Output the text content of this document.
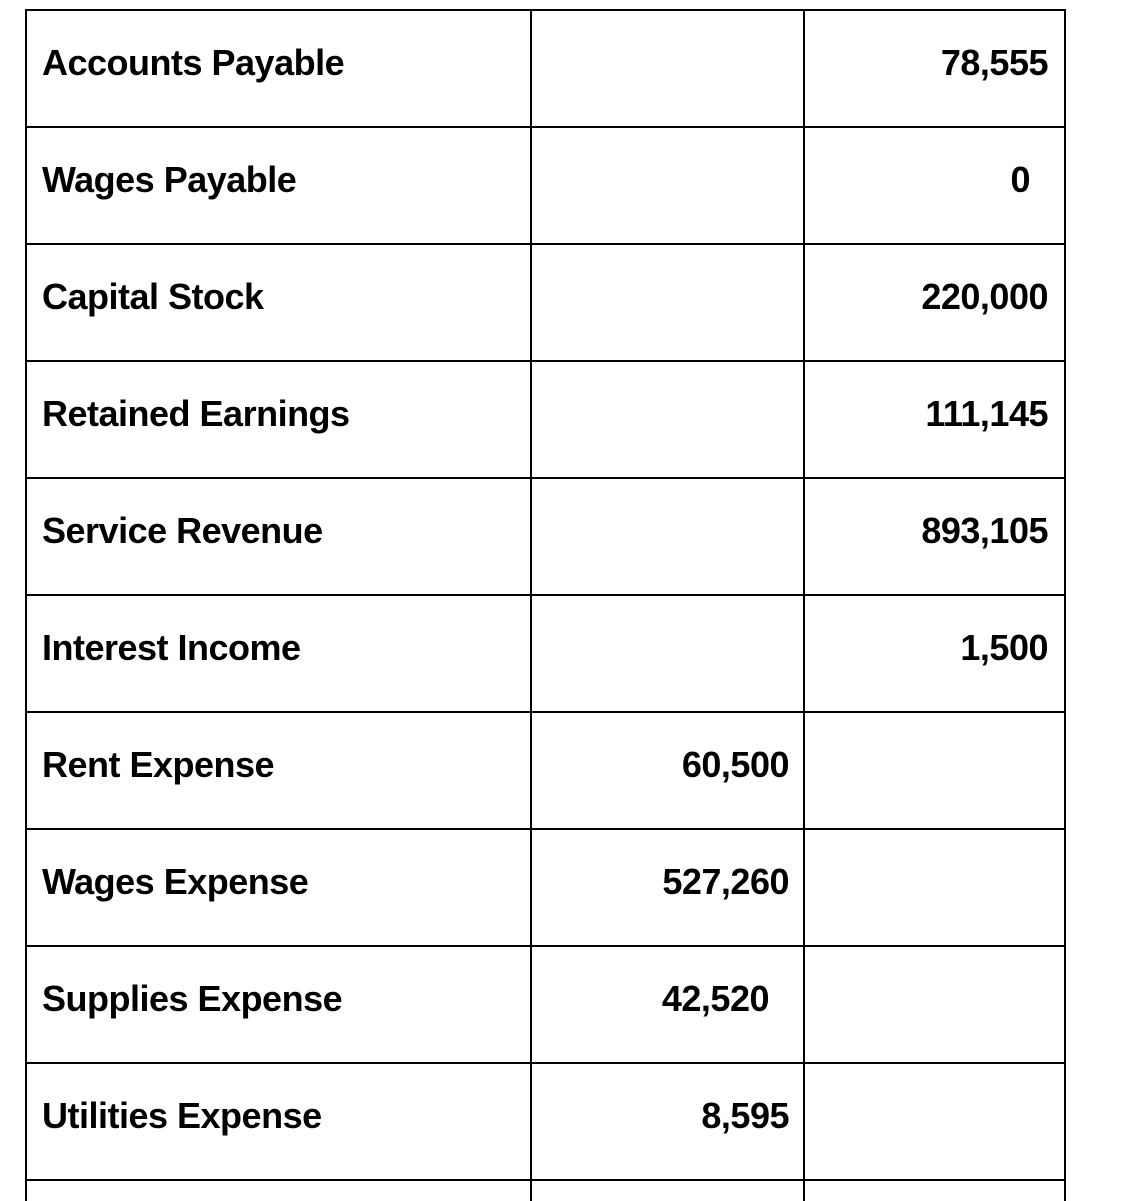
Accounts Payable		78,555
Wages Payable		0
Capital Stock		220,000
Retained Earnings		111,145
Service Revenue		893,105
Interest Income		1,500
Rent Expense	60,500	
Wages Expense	527,260	
Supplies Expense	42,520	
Utilities Expense	8,595	
